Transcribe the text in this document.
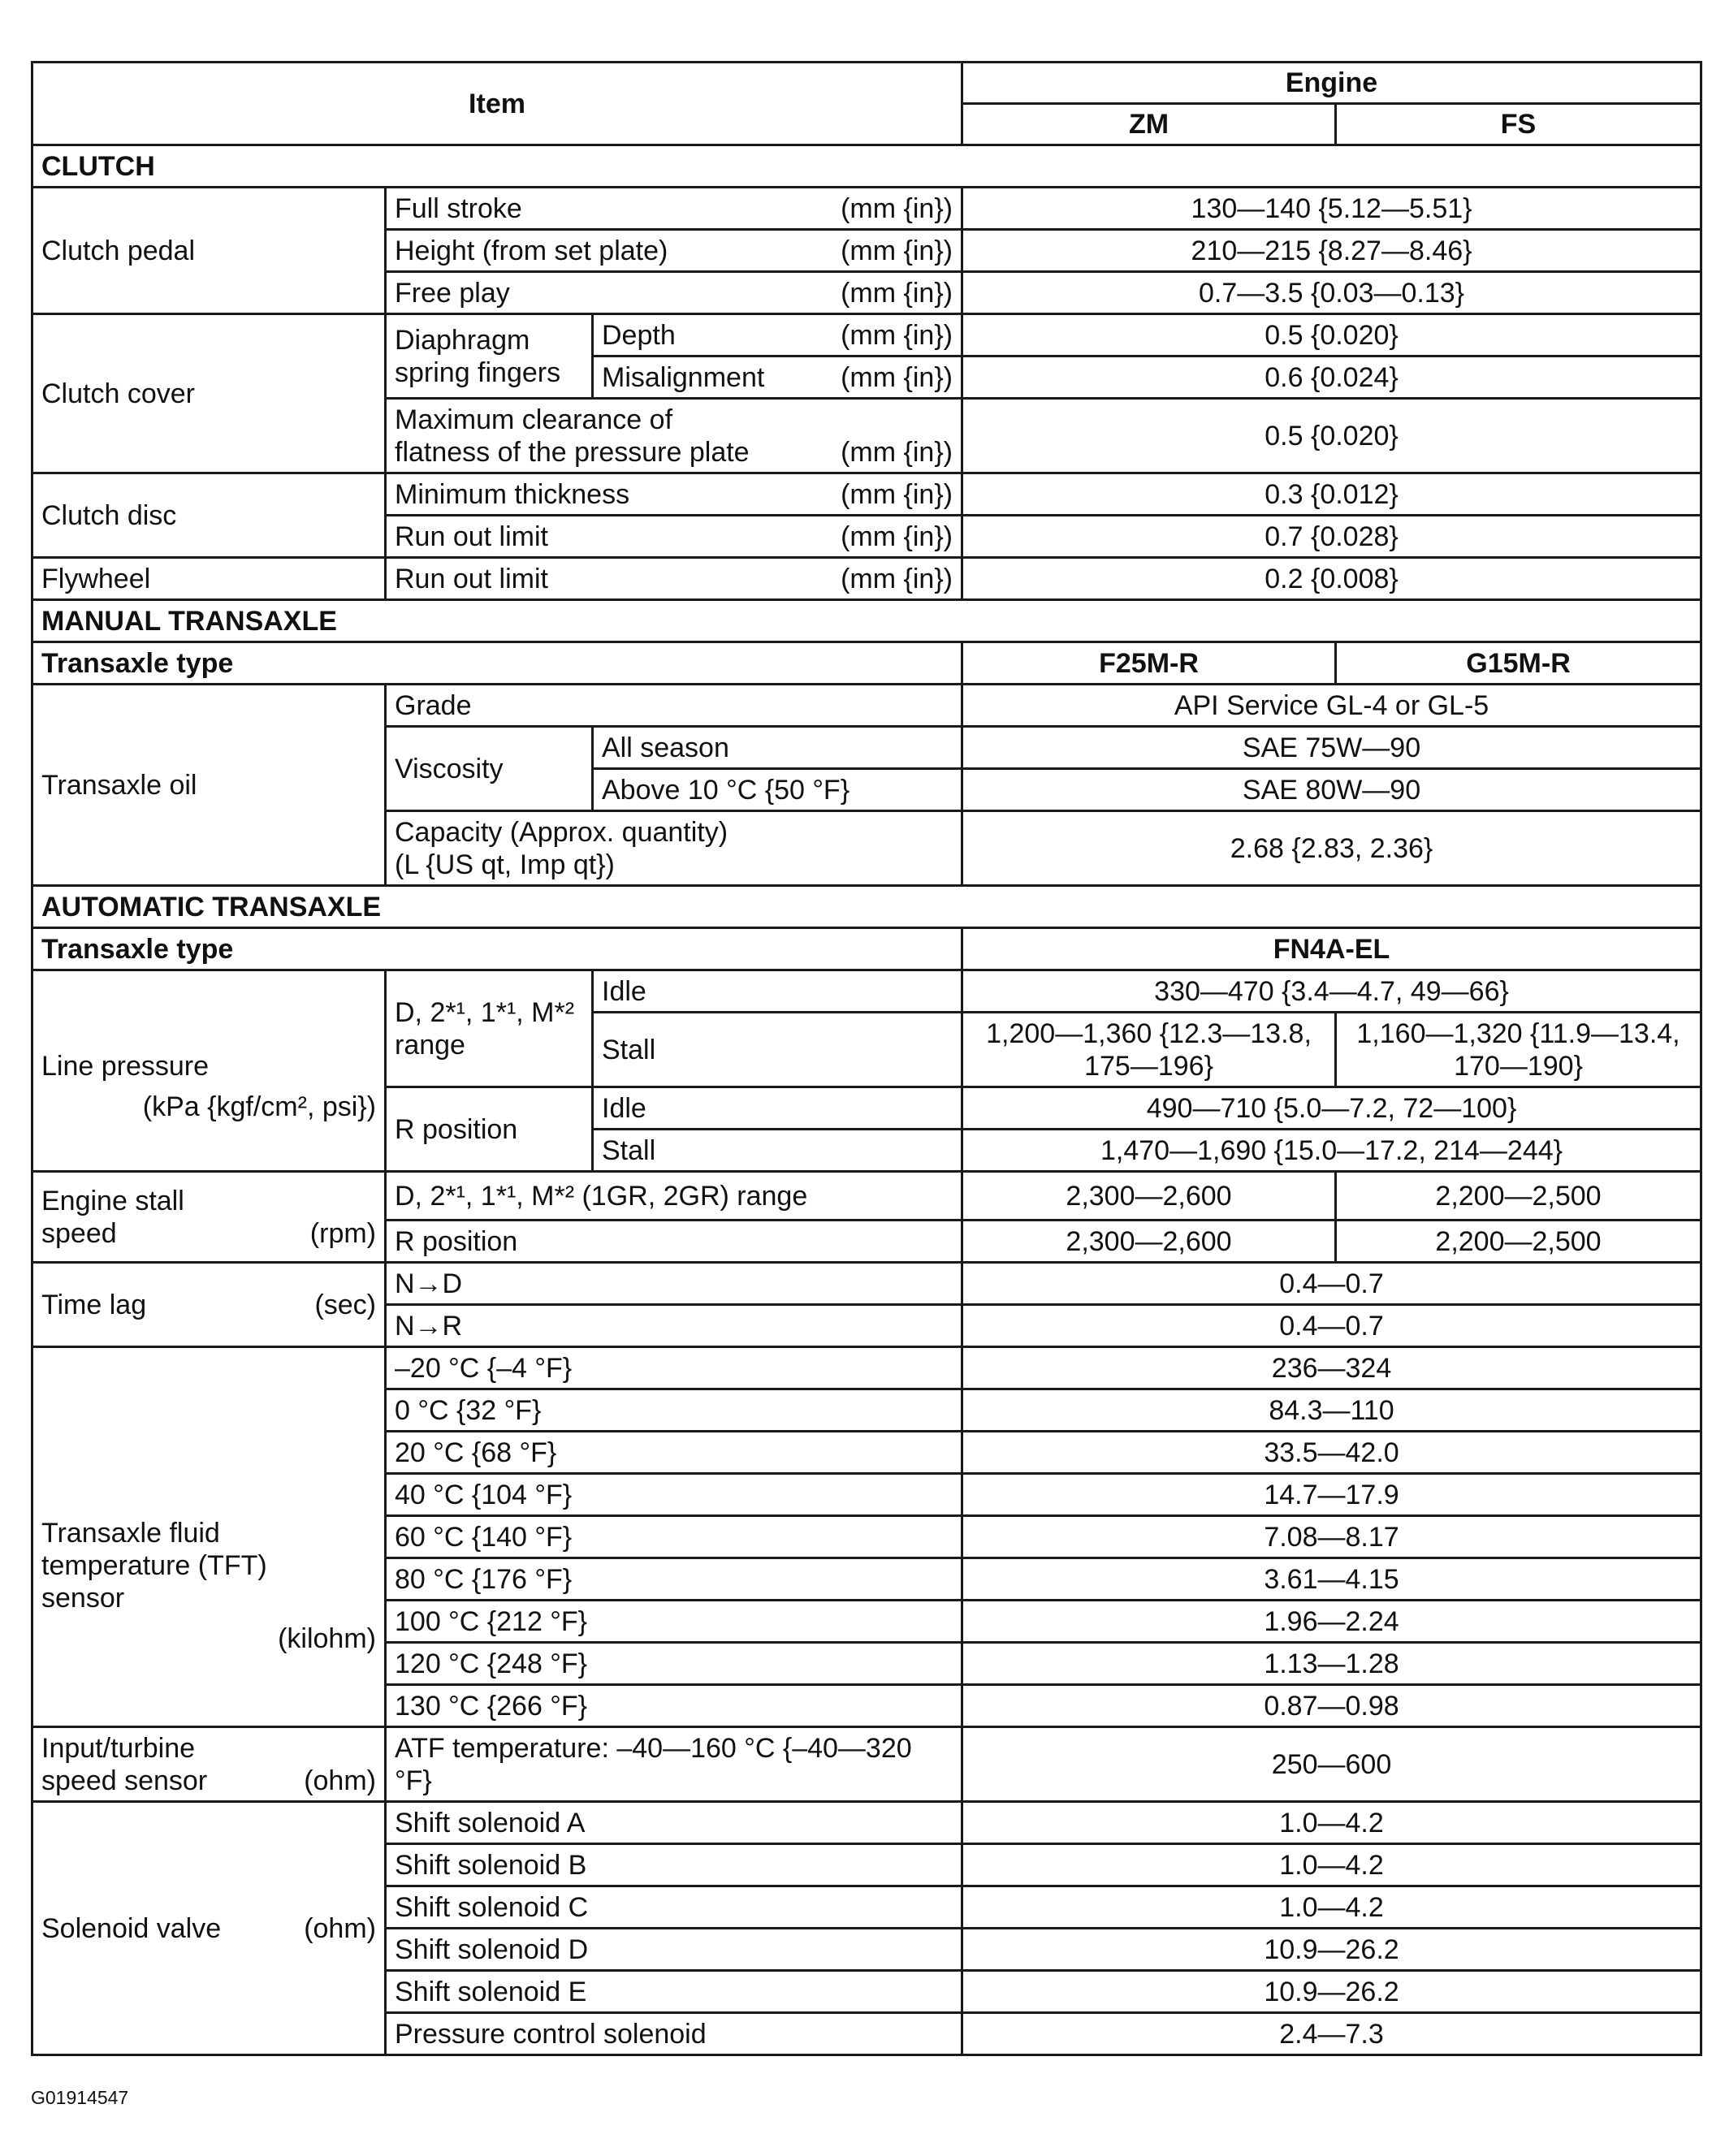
Item			Engine	
			ZM	FS
CLUTCH				
Clutch pedal	Full stroke (mm {in})		130—140 {5.12—5.51}	

	Height (from set plate) (mm {in})		210—215 {8.27—8.46}	

	Free play (mm {in})		0.7—3.5 {0.03—0.13}	
Clutch cover	Diaphragm spring fingers	Depth (mm {in})	0.5 {0.020}	

		Misalignment (mm {in})	0.6 {0.024}	

	Maximum clearance of
flatness of the pressure plate (mm {in})		0.5 {0.020}	
Clutch disc	Minimum thickness (mm {in})		0.3 {0.012}	

	Run out limit (mm {in})		0.7 {0.028}	
Flywheel	Run out limit (mm {in})		0.2 {0.008}	
MANUAL TRANSAXLE				
Transaxle type			F25M-R	G15M-R
Transaxle oil	Grade		API Service GL-4 or GL-5	
	Viscosity	All season	SAE 75W—90	
		Above 10 °C {50 °F}	SAE 80W—90	

	Capacity (Approx. quantity)
(L {US qt, Imp qt})		2.68 {2.83, 2.36}	
AUTOMATIC TRANSAXLE				
Transaxle type			FN4A-EL	

Line pressure
(kPa {kgf/cm², psi})	D, 2*¹, 1*¹, M*² range	Idle	330—470 {3.4—4.7, 49—66}	
		Stall	1,200—1,360 {12.3—13.8, 175—196}	1,160—1,320 {11.9—13.4, 170—190}
	R position	Idle	490—710 {5.0—7.2, 72—100}	
		Stall	1,470—1,690 {15.0—17.2, 214—244}	

Engine stall
speed (rpm)	D, 2*¹, 1*¹, M*² (1GR, 2GR) range		2,300—2,600	2,200—2,500
	R position		2,300—2,600	2,200—2,500

Time lag (sec)	N→D		0.4—0.7	
	N→R		0.4—0.7	

Transaxle fluid
temperature (TFT)
sensor
(kilohm)	–20 °C {–4 °F}		236—324	
	0 °C {32 °F}		84.3—110	
	20 °C {68 °F}		33.5—42.0	
	40 °C {104 °F}		14.7—17.9	
	60 °C {140 °F}		7.08—8.17	
	80 °C {176 °F}		3.61—4.15	
	100 °C {212 °F}		1.96—2.24	
	120 °C {248 °F}		1.13—1.28	
	130 °C {266 °F}		0.87—0.98	

Input/turbine
speed sensor (ohm)	ATF temperature: –40—160 °C {–40—320 °F}		250—600	

Solenoid valve (ohm)	Shift solenoid A		1.0—4.2	
	Shift solenoid B		1.0—4.2	
	Shift solenoid C		1.0—4.2	
	Shift solenoid D		10.9—26.2	
	Shift solenoid E		10.9—26.2	
	Pressure control solenoid		2.4—7.3	
G01914547
